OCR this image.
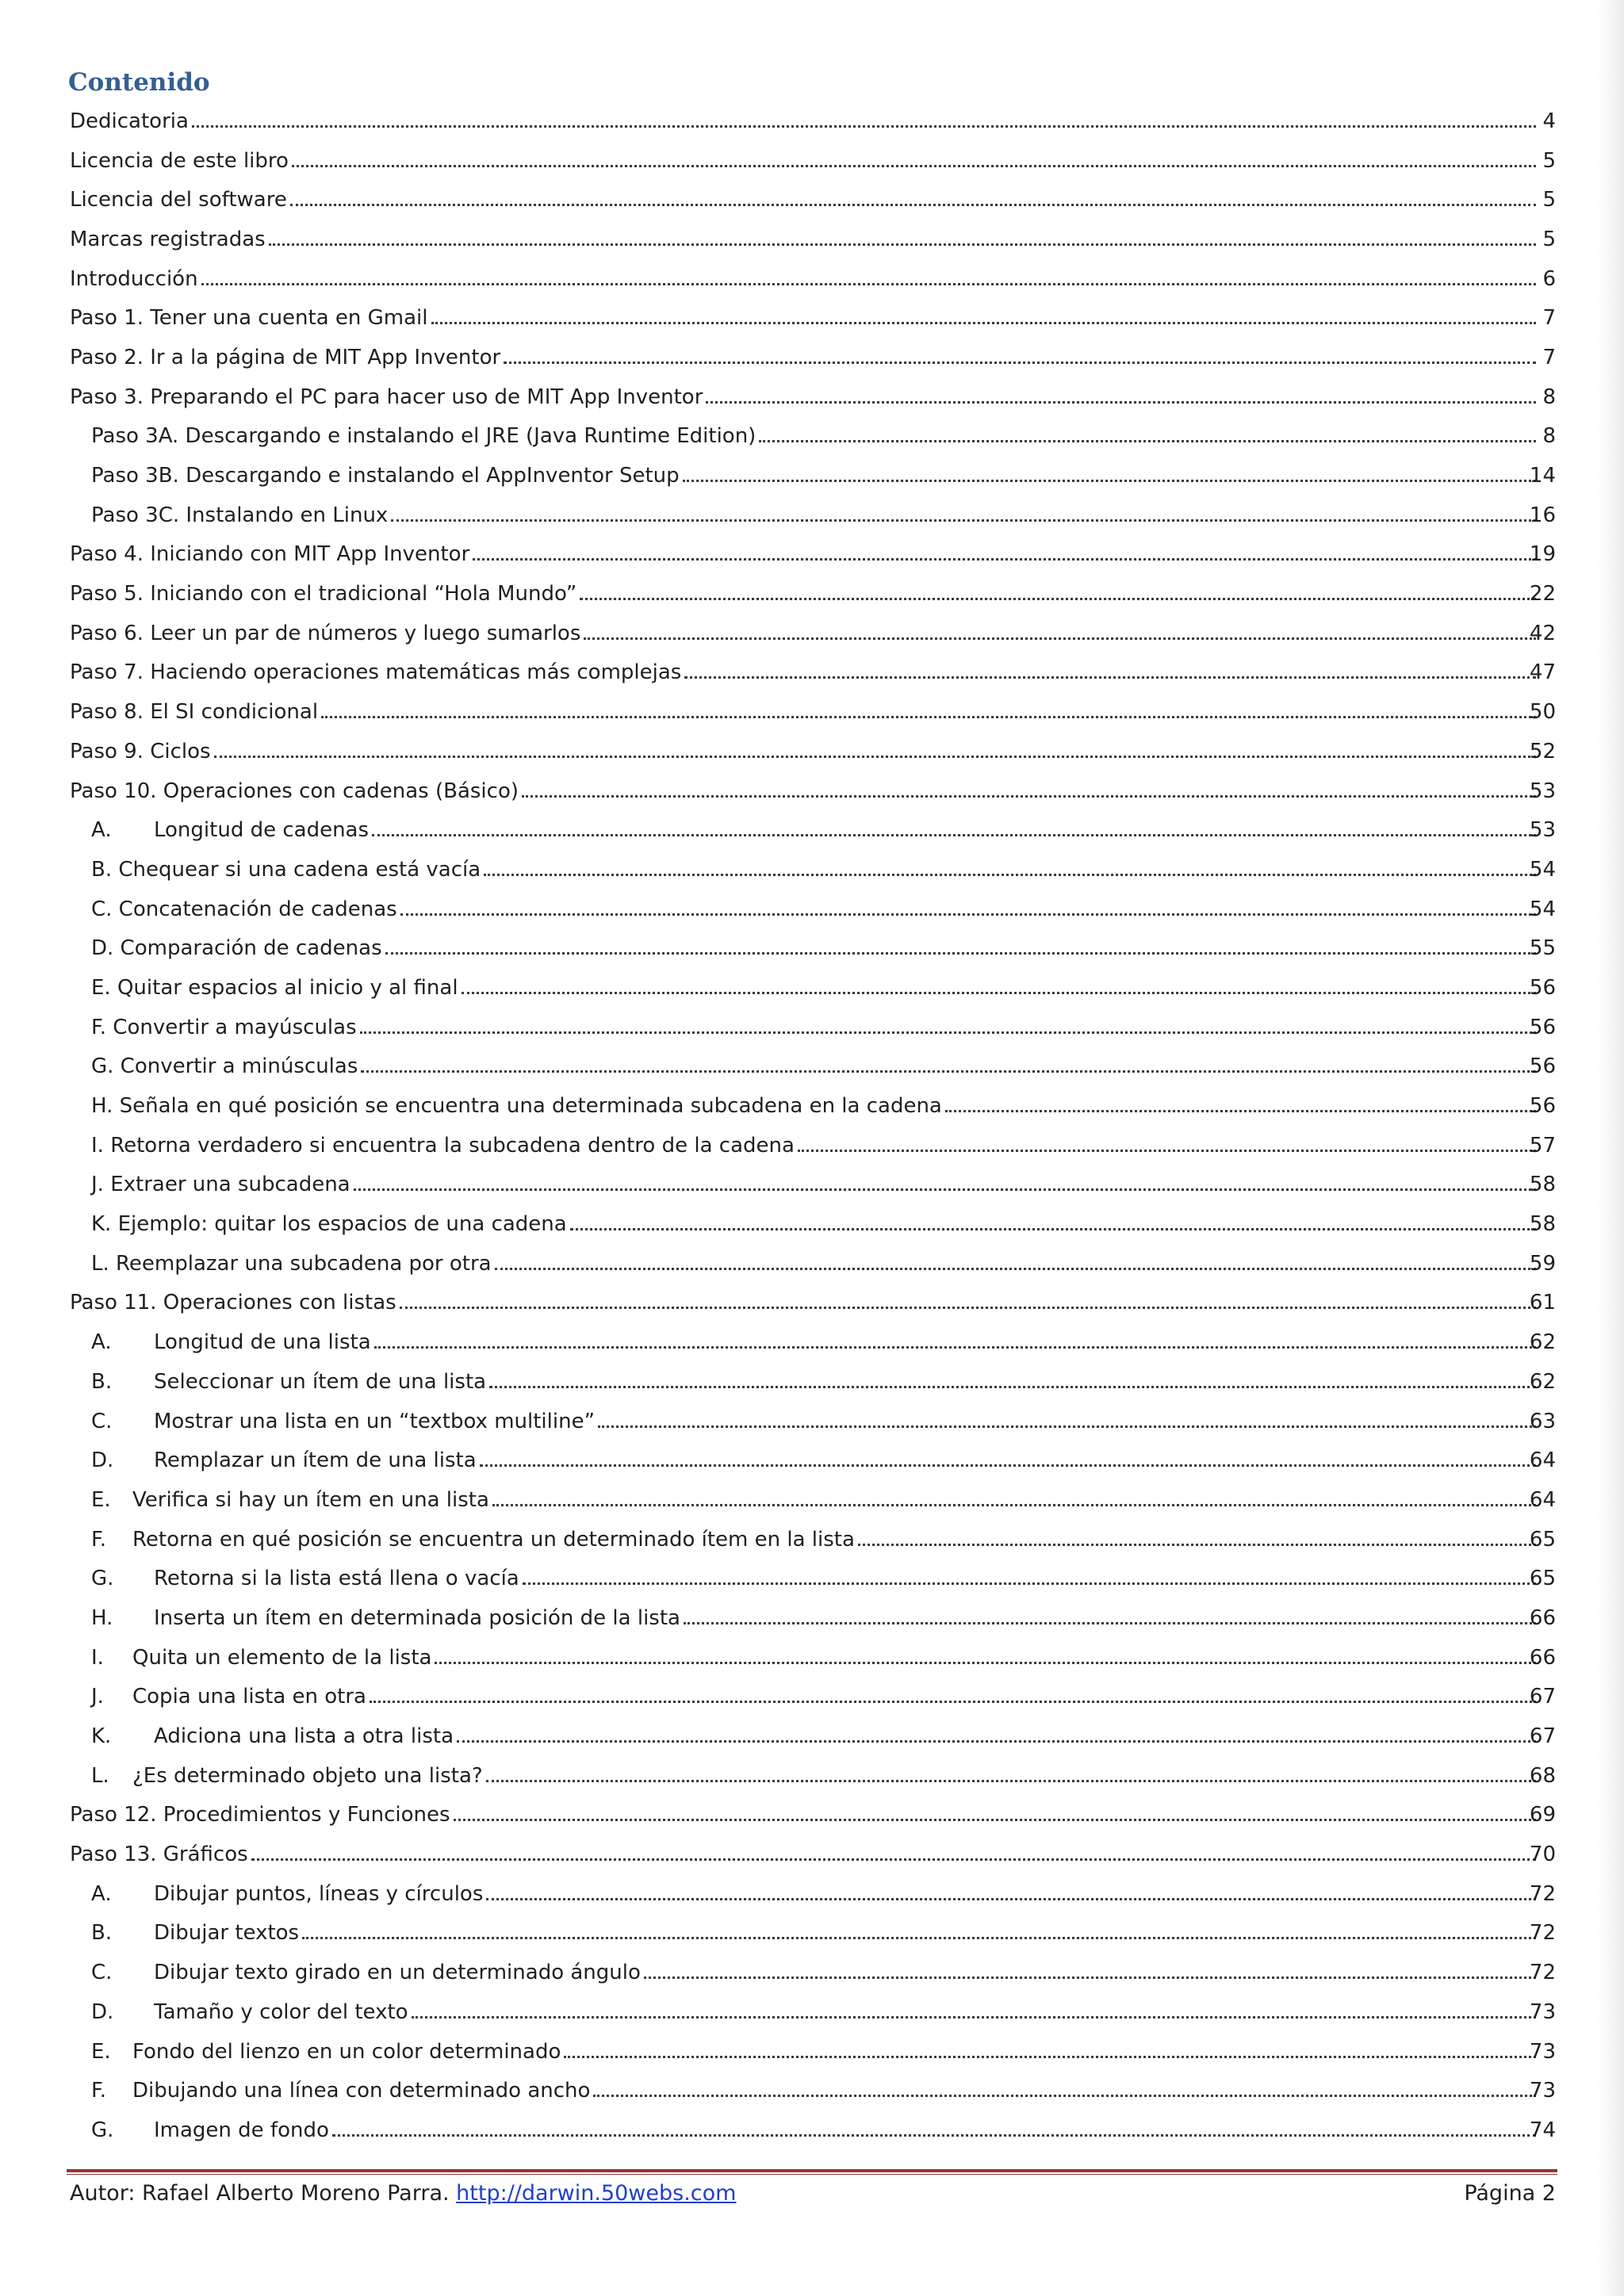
Contenido
Dedicatoria	4
Licencia de este libro	5
Licencia del software	5
Marcas registradas	5
Introducción	6
Paso 1. Tener una cuenta en Gmail	7
Paso 2. Ir a la página de MIT App Inventor	7
Paso 3. Preparando el PC para hacer uso de MIT App Inventor	8
Paso 3A. Descargando e instalando el JRE (Java Runtime Edition)	8
Paso 3B. Descargando e instalando el AppInventor Setup	14
Paso 3C. Instalando en Linux	16
Paso 4. Iniciando con MIT App Inventor	19
Paso 5. Iniciando con el tradicional “Hola Mundo”	22
Paso 6. Leer un par de números y luego sumarlos	42
Paso 7. Haciendo operaciones matemáticas más complejas	47
Paso 8. El SI condicional	50
Paso 9. Ciclos	52
Paso 10. Operaciones con cadenas (Básico)	53
A.	Longitud de cadenas	53
B. Chequear si una cadena está vacía	54
C. Concatenación de cadenas	54
D. Comparación de cadenas	55
E. Quitar espacios al inicio y al final	56
F. Convertir a mayúsculas	56
G. Convertir a minúsculas	56
H. Señala en qué posición se encuentra una determinada subcadena en la cadena	56
I. Retorna verdadero si encuentra la subcadena dentro de la cadena	57
J. Extraer una subcadena	58
K. Ejemplo: quitar los espacios de una cadena	58
L. Reemplazar una subcadena por otra	59
Paso 11. Operaciones con listas	61
A.	Longitud de una lista	62
B.	Seleccionar un ítem de una lista	62
C.	Mostrar una lista en un “textbox multiline”	63
D.	Remplazar un ítem de una lista	64
E.	Verifica si hay un ítem en una lista	64
F.	Retorna en qué posición se encuentra un determinado ítem en la lista	65
G.	Retorna si la lista está llena o vacía	65
H.	Inserta un ítem en determinada posición de la lista	66
I.	Quita un elemento de la lista	66
J.	Copia una lista en otra	67
K.	Adiciona una lista a otra lista	67
L.	¿Es determinado objeto una lista?	68
Paso 12. Procedimientos y Funciones	69
Paso 13. Gráficos	70
A.	Dibujar puntos, líneas y círculos	72
B.	Dibujar textos	72
C.	Dibujar texto girado en un determinado ángulo	72
D.	Tamaño y color del texto	73
E.	Fondo del lienzo en un color determinado	73
F.	Dibujando una línea con determinado ancho	73
G.	Imagen de fondo	74
Autor: Rafael Alberto Moreno Parra. http://darwin.50webs.com	Página 2
